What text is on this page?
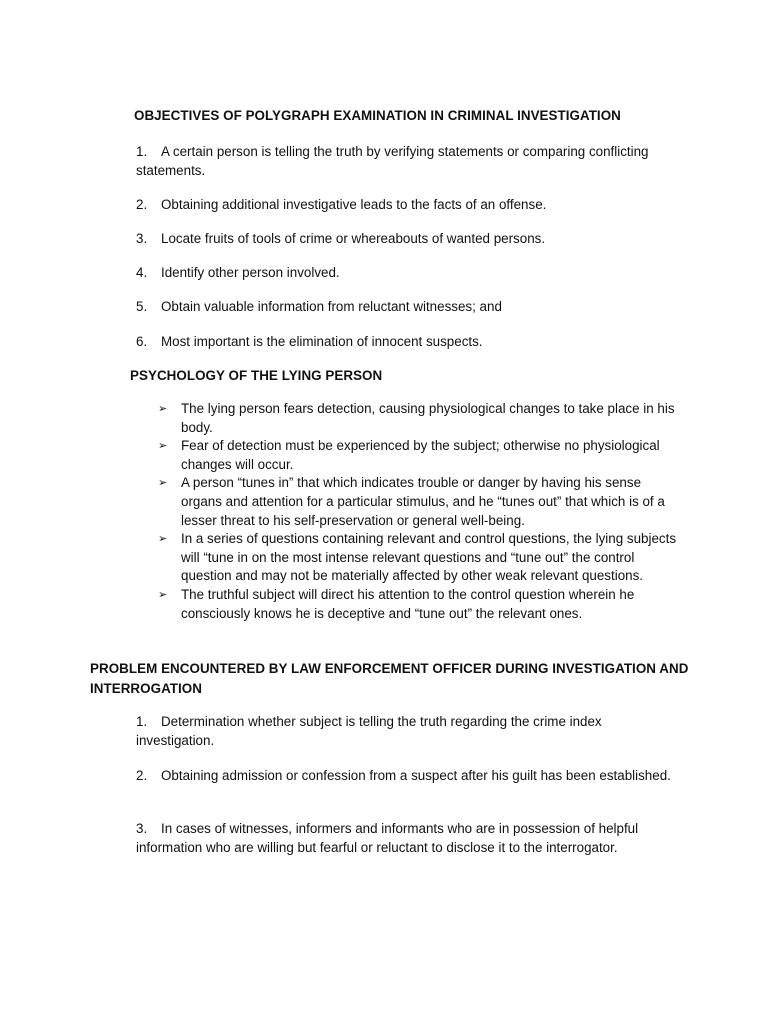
OBJECTIVES OF POLYGRAPH EXAMINATION IN CRIMINAL INVESTIGATION
1. A certain person is telling the truth by verifying statements or comparing conflicting statements.
2. Obtaining additional investigative leads to the facts of an offense.
3. Locate fruits of tools of crime or whereabouts of wanted persons.
4. Identify other person involved.
5. Obtain valuable information from reluctant witnesses; and
6. Most important is the elimination of innocent suspects.
PSYCHOLOGY OF THE LYING PERSON
➢ The lying person fears detection, causing physiological changes to take place in his body.
➢ Fear of detection must be experienced by the subject; otherwise no physiological changes will occur.
➢ A person “tunes in” that which indicates trouble or danger by having his sense organs and attention for a particular stimulus, and he “tunes out” that which is of a lesser threat to his self-preservation or general well-being.
➢ In a series of questions containing relevant and control questions, the lying subjects will “tune in on the most intense relevant questions and “tune out” the control question and may not be materially affected by other weak relevant questions.
➢ The truthful subject will direct his attention to the control question wherein he consciously knows he is deceptive and “tune out” the relevant ones.
PROBLEM ENCOUNTERED BY LAW ENFORCEMENT OFFICER DURING INVESTIGATION AND INTERROGATION
1. Determination whether subject is telling the truth regarding the crime index investigation.
2. Obtaining admission or confession from a suspect after his guilt has been established.
3. In cases of witnesses, informers and informants who are in possession of helpful information who are willing but fearful or reluctant to disclose it to the interrogator.
